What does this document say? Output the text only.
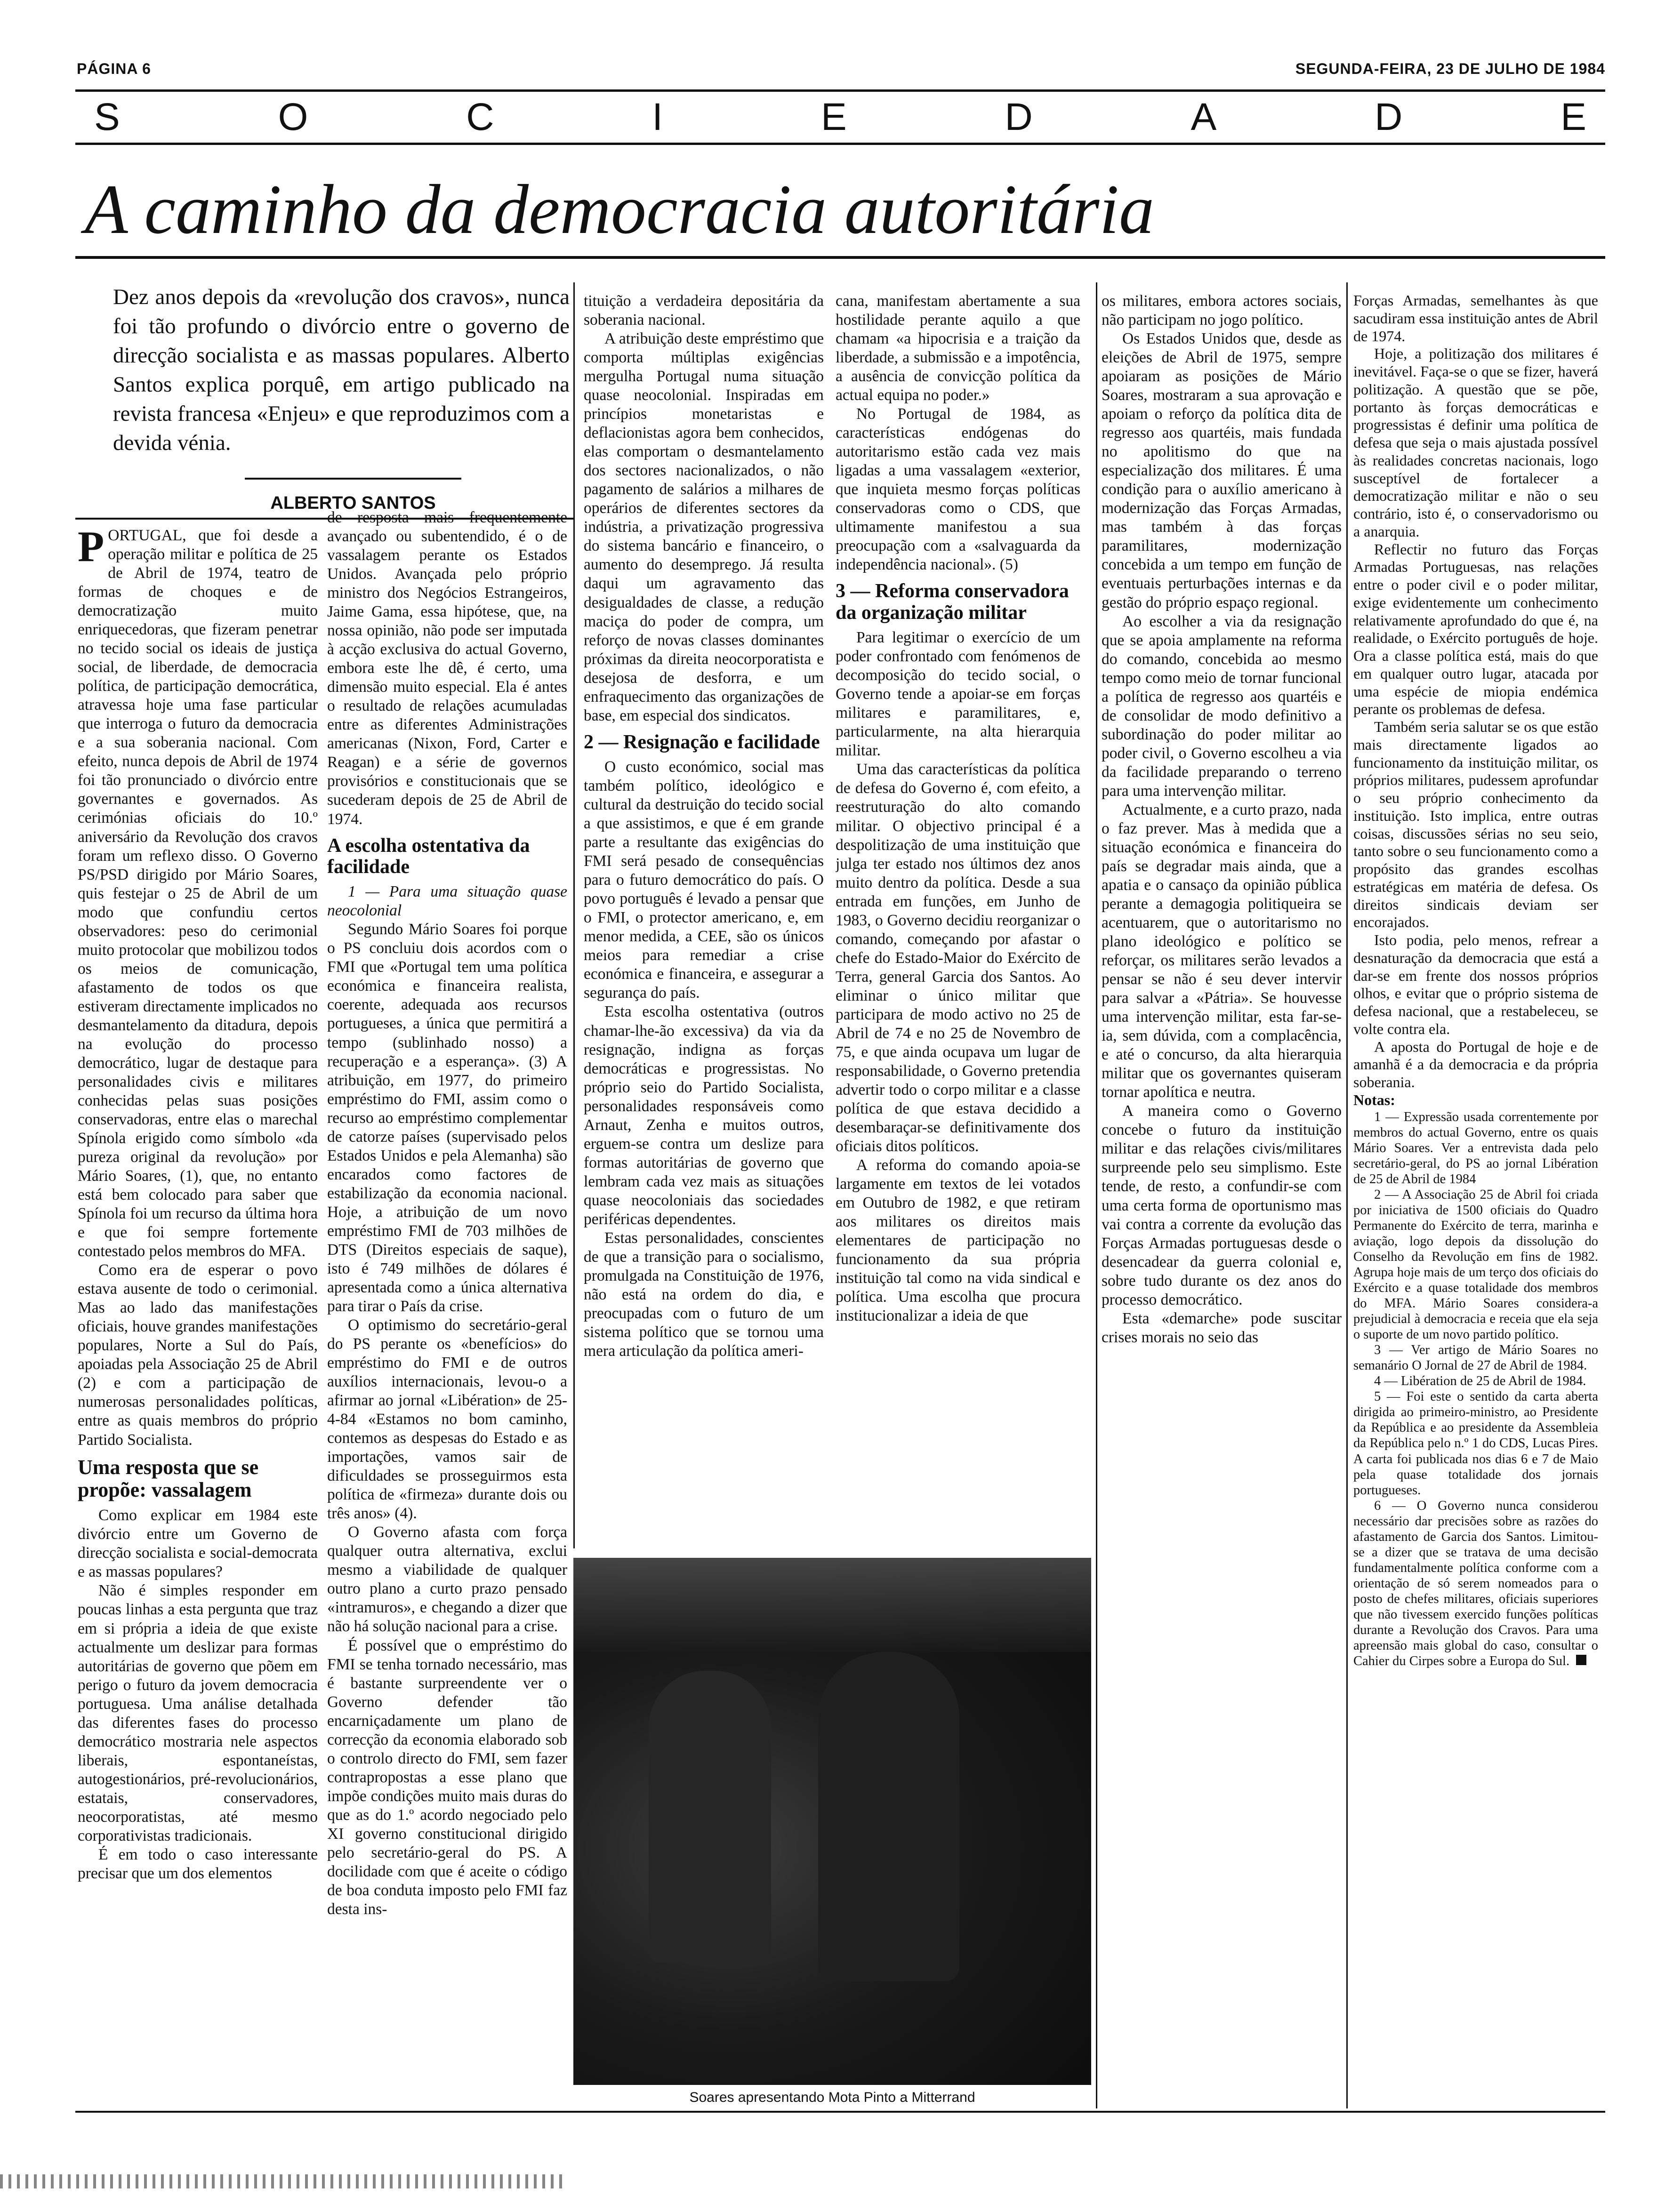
PÁGINA 6	SEGUNDA-FEIRA, 23 DE JULHO DE 1984
S	O	C	I	E	D	A	D	E
A caminho da democracia autoritária
Dez anos depois da «revolução dos cravos», nunca foi tão profundo o divórcio entre o governo de direcção socialista e as massas populares. Alberto Santos explica porquê, em artigo publicado na revista francesa «Enjeu» e que reproduzimos com a devida vénia.
ALBERTO SANTOS

PORTUGAL, que foi desde a operação militar e política de 25 de Abril de 1974, teatro de formas de choques e de democratização muito enriquecedoras, que fizeram penetrar no tecido social os ideais de justiça social, de liberdade, de democracia política, de participação democrática, atravessa hoje uma fase particular que interroga o futuro da democracia e a sua soberania nacional. Com efeito, nunca depois de Abril de 1974 foi tão pronunciado o divórcio entre governantes e governados. As cerimónias oficiais do 10.º aniversário da Revolução dos cravos foram um reflexo disso. O Governo PS/PSD dirigido por Mário Soares, quis festejar o 25 de Abril de um modo que confundiu certos observadores: peso do cerimonial muito protocolar que mobilizou todos os meios de comunicação, afastamento de todos os que estiveram directamente implicados no desmantelamento da ditadura, depois na evolução do processo democrático, lugar de destaque para personalidades civis e militares conhecidas pelas suas posições conservadoras, entre elas o marechal Spínola erigido como símbolo «da pureza original da revolução» por Mário Soares, (1), que, no entanto está bem colocado para saber que Spínola foi um recurso da última hora e que foi sempre fortemente contestado pelos membros do MFA.

Como era de esperar o povo estava ausente de todo o cerimonial. Mas ao lado das manifestações oficiais, houve grandes manifestações populares, Norte a Sul do País, apoiadas pela Associação 25 de Abril (2) e com a participação de numerosas personalidades políticas, entre as quais membros do próprio Partido Socialista.

Uma resposta que se propõe: vassalagem

Como explicar em 1984 este divórcio entre um Governo de direcção socialista e social-democrata e as massas populares?

Não é simples responder em poucas linhas a esta pergunta que traz em si própria a ideia de que existe actualmente um deslizar para formas autoritárias de governo que põem em perigo o futuro da jovem democracia portuguesa. Uma análise detalhada das diferentes fases do processo democrático mostraria nele aspectos liberais, espontaneístas, autogestionários, pré-revolucionários, estatais, conservadores, neocorporatistas, até mesmo corporativistas tradicionais.

É em todo o caso interessante precisar que um dos elementos

de resposta mais frequentemente avançado ou subentendido, é o de vassalagem perante os Estados Unidos. Avançada pelo próprio ministro dos Negócios Estrangeiros, Jaime Gama, essa hipótese, que, na nossa opinião, não pode ser imputada à acção exclusiva do actual Governo, embora este lhe dê, é certo, uma dimensão muito especial. Ela é antes o resultado de relações acumuladas entre as diferentes Administrações americanas (Nixon, Ford, Carter e Reagan) e a série de governos provisórios e constitucionais que se sucederam depois de 25 de Abril de 1974.

A escolha ostentativa da facilidade

1 — Para uma situação quase neocolonial

Segundo Mário Soares foi porque o PS concluiu dois acordos com o FMI que «Portugal tem uma política económica e financeira realista, coerente, adequada aos recursos portugueses, a única que permitirá a tempo (sublinhado nosso) a recuperação e a esperança». (3) A atribuição, em 1977, do primeiro empréstimo do FMI, assim como o recurso ao empréstimo complementar de catorze países (supervisado pelos Estados Unidos e pela Alemanha) são encarados como factores de estabilização da economia nacional. Hoje, a atribuição de um novo empréstimo FMI de 703 milhões de DTS (Direitos especiais de saque), isto é 749 milhões de dólares é apresentada como a única alternativa para tirar o País da crise.

O optimismo do secretário-geral do PS perante os «benefícios» do empréstimo do FMI e de outros auxílios internacionais, levou-o a afirmar ao jornal «Libération» de 25-4-84 «Estamos no bom caminho, contemos as despesas do Estado e as importações, vamos sair de dificuldades se prosseguirmos esta política de «firmeza» durante dois ou três anos» (4).

O Governo afasta com força qualquer outra alternativa, exclui mesmo a viabilidade de qualquer outro plano a curto prazo pensado «intramuros», e chegando a dizer que não há solução nacional para a crise.

É possível que o empréstimo do FMI se tenha tornado necessário, mas é bastante surpreendente ver o Governo defender tão encarniçadamente um plano de correcção da economia elaborado sob o controlo directo do FMI, sem fazer contrapropostas a esse plano que impõe condições muito mais duras do que as do 1.º acordo negociado pelo XI governo constitucional dirigido pelo secretário-geral do PS. A docilidade com que é aceite o código de boa conduta imposto pelo FMI faz desta ins-

tituição a verdadeira depositária da soberania nacional.

A atribuição deste empréstimo que comporta múltiplas exigências mergulha Portugal numa situação quase neocolonial. Inspiradas em princípios monetaristas e deflacionistas agora bem conhecidos, elas comportam o desmantelamento dos sectores nacionalizados, o não pagamento de salários a milhares de operários de diferentes sectores da indústria, a privatização progressiva do sistema bancário e financeiro, o aumento do desemprego. Já resulta daqui um agravamento das desigualdades de classe, a redução maciça do poder de compra, um reforço de novas classes dominantes próximas da direita neocorporatista e desejosa de desforra, e um enfraquecimento das organizações de base, em especial dos sindicatos.

2 — Resignação e facilidade

O custo económico, social mas também político, ideológico e cultural da destruição do tecido social a que assistimos, e que é em grande parte a resultante das exigências do FMI será pesado de consequências para o futuro democrático do país. O povo português é levado a pensar que o FMI, o protector americano, e, em menor medida, a CEE, são os únicos meios para remediar a crise económica e financeira, e assegurar a segurança do país.

Esta escolha ostentativa (outros chamar-lhe-ão excessiva) da via da resignação, indigna as forças democráticas e progressistas. No próprio seio do Partido Socialista, personalidades responsáveis como Arnaut, Zenha e muitos outros, erguem-se contra um deslize para formas autoritárias de governo que lembram cada vez mais as situações quase neocoloniais das sociedades periféricas dependentes.

Estas personalidades, conscientes de que a transição para o socialismo, promulgada na Constituição de 1976, não está na ordem do dia, e preocupadas com o futuro de um sistema político que se tornou uma mera articulação da política ameri-

cana, manifestam abertamente a sua hostilidade perante aquilo a que chamam «a hipocrisia e a traição da liberdade, a submissão e a impotência, a ausência de convicção política da actual equipa no poder.»

No Portugal de 1984, as características endógenas do autoritarismo estão cada vez mais ligadas a uma vassalagem «exterior, que inquieta mesmo forças políticas conservadoras como o CDS, que ultimamente manifestou a sua preocupação com a «salvaguarda da independência nacional». (5)

3 — Reforma conservadora da organização militar

Para legitimar o exercício de um poder confrontado com fenómenos de decomposição do tecido social, o Governo tende a apoiar-se em forças militares e paramilitares, e, particularmente, na alta hierarquia militar.

Uma das características da política de defesa do Governo é, com efeito, a reestruturação do alto comando militar. O objectivo principal é a despolitização de uma instituição que julga ter estado nos últimos dez anos muito dentro da política. Desde a sua entrada em funções, em Junho de 1983, o Governo decidiu reorganizar o comando, começando por afastar o chefe do Estado-Maior do Exército de Terra, general Garcia dos Santos. Ao eliminar o único militar que participara de modo activo no 25 de Abril de 74 e no 25 de Novembro de 75, e que ainda ocupava um lugar de responsabilidade, o Governo pretendia advertir todo o corpo militar e a classe política de que estava decidido a desembaraçar-se definitivamente dos oficiais ditos políticos.

A reforma do comando apoia-se largamente em textos de lei votados em Outubro de 1982, e que retiram aos militares os direitos mais elementares de participação no funcionamento da sua própria instituição tal como na vida sindical e política. Uma escolha que procura institucionalizar a ideia de que

os militares, embora actores sociais, não participam no jogo político.

Os Estados Unidos que, desde as eleições de Abril de 1975, sempre apoiaram as posições de Mário Soares, mostraram a sua aprovação e apoiam o reforço da política dita de regresso aos quartéis, mais fundada no apolitismo do que na especialização dos militares. É uma condição para o auxílio americano à modernização das Forças Armadas, mas também à das forças paramilitares, modernização concebida a um tempo em função de eventuais perturbações internas e da gestão do próprio espaço regional.

Ao escolher a via da resignação que se apoia amplamente na reforma do comando, concebida ao mesmo tempo como meio de tornar funcional a política de regresso aos quartéis e de consolidar de modo definitivo a subordinação do poder militar ao poder civil, o Governo escolheu a via da facilidade preparando o terreno para uma intervenção militar.

Actualmente, e a curto prazo, nada o faz prever. Mas à medida que a situação económica e financeira do país se degradar mais ainda, que a apatia e o cansaço da opinião pública perante a demagogia politiqueira se acentuarem, que o autoritarismo no plano ideológico e político se reforçar, os militares serão levados a pensar se não é seu dever intervir para salvar a «Pátria». Se houvesse uma intervenção militar, esta far-se-ia, sem dúvida, com a complacência, e até o concurso, da alta hierarquia militar que os governantes quiseram tornar apolítica e neutra.

A maneira como o Governo concebe o futuro da instituição militar e das relações civis/militares surpreende pelo seu simplismo. Este tende, de resto, a confundir-se com uma certa forma de oportunismo mas vai contra a corrente da evolução das Forças Armadas portuguesas desde o desencadear da guerra colonial e, sobre tudo durante os dez anos do processo democrático.

Esta «demarche» pode suscitar crises morais no seio das

Forças Armadas, semelhantes às que sacudiram essa instituição antes de Abril de 1974.

Hoje, a politização dos militares é inevitável. Faça-se o que se fizer, haverá politização. A questão que se põe, portanto às forças democráticas e progressistas é definir uma política de defesa que seja o mais ajustada possível às realidades concretas nacionais, logo susceptível de fortalecer a democratização militar e não o seu contrário, isto é, o conservadorismo ou a anarquia.

Reflectir no futuro das Forças Armadas Portuguesas, nas relações entre o poder civil e o poder militar, exige evidentemente um conhecimento relativamente aprofundado do que é, na realidade, o Exército português de hoje. Ora a classe política está, mais do que em qualquer outro lugar, atacada por uma espécie de miopia endémica perante os problemas de defesa.

Também seria salutar se os que estão mais directamente ligados ao funcionamento da instituição militar, os próprios militares, pudessem aprofundar o seu próprio conhecimento da instituição. Isto implica, entre outras coisas, discussões sérias no seu seio, tanto sobre o seu funcionamento como a propósito das grandes escolhas estratégicas em matéria de defesa. Os direitos sindicais deviam ser encorajados.

Isto podia, pelo menos, refrear a desnaturação da democracia que está a dar-se em frente dos nossos próprios olhos, e evitar que o próprio sistema de defesa nacional, que a restabeleceu, se volte contra ela.

A aposta do Portugal de hoje e de amanhã é a da democracia e da própria soberania.

Notas:

1 — Expressão usada correntemente por membros do actual Governo, entre os quais Mário Soares. Ver a entrevista dada pelo secretário-geral, do PS ao jornal Libération de 25 de Abril de 1984

2 — A Associação 25 de Abril foi criada por iniciativa de 1500 oficiais do Quadro Permanente do Exército de terra, marinha e aviação, logo depois da dissolução do Conselho da Revolução em fins de 1982. Agrupa hoje mais de um terço dos oficiais do Exército e a quase totalidade dos membros do MFA. Mário Soares considera-a prejudicial à democracia e receia que ela seja o suporte de um novo partido político.

3 — Ver artigo de Mário Soares no semanário O Jornal de 27 de Abril de 1984.

4 — Libération de 25 de Abril de 1984.

5 — Foi este o sentido da carta aberta dirigida ao primeiro-ministro, ao Presidente da República e ao presidente da Assembleia da República pelo n.º 1 do CDS, Lucas Pires. A carta foi publicada nos dias 6 e 7 de Maio pela quase totalidade dos jornais portugueses.

6 — O Governo nunca considerou necessário dar precisões sobre as razões do afastamento de Garcia dos Santos. Limitou-se a dizer que se tratava de uma decisão fundamentalmente política conforme com a orientação de só serem nomeados para o posto de chefes militares, oficiais superiores que não tivessem exercido funções políticas durante a Revolução dos Cravos. Para uma apreensão mais global do caso, consultar o Cahier du Cirpes sobre a Europa do Sul.

Soares apresentando Mota Pinto a Mitterrand
